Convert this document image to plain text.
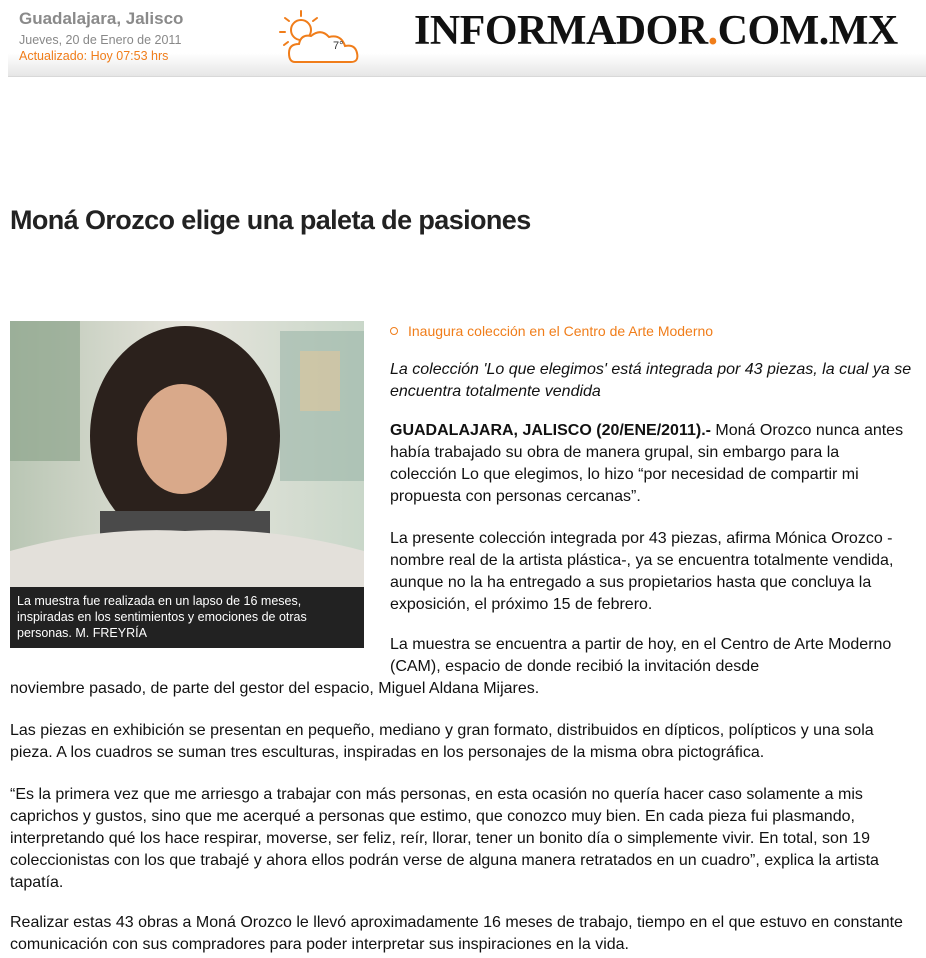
Guadalajara, Jalisco
Jueves, 20 de Enero de 2011
Actualizado: Hoy 07:53 hrs
7° INFORMADOR.COM.MX
Moná Orozco elige una paleta de pasiones
La muestra fue realizada en un lapso de 16 meses, inspiradas en los sentimientos y emociones de otras personas. M. FREYRÍA
Inaugura colección en el Centro de Arte Moderno
La colección 'Lo que elegimos' está integrada por 43 piezas, la cual ya se encuentra totalmente vendida

GUADALAJARA, JALISCO (20/ENE/2011).- Moná Orozco nunca antes había trabajado su obra de manera grupal, sin embargo para la colección Lo que elegimos, lo hizo “por necesidad de compartir mi propuesta con personas cercanas”.

La presente colección integrada por 43 piezas, afirma Mónica Orozco -nombre real de la artista plástica-, ya se encuentra totalmente vendida, aunque no la ha entregado a sus propietarios hasta que concluya la exposición, el próximo 15 de febrero.

La muestra se encuentra a partir de hoy, en el Centro de Arte Moderno (CAM), espacio de donde recibió la invitación desde

noviembre pasado, de parte del gestor del espacio, Miguel Aldana Mijares.

Las piezas en exhibición se presentan en pequeño, mediano y gran formato, distribuidos en dípticos, polípticos y una sola pieza. A los cuadros se suman tres esculturas, inspiradas en los personajes de la misma obra pictográfica.

“Es la primera vez que me arriesgo a trabajar con más personas, en esta ocasión no quería hacer caso solamente a mis caprichos y gustos, sino que me acerqué a personas que estimo, que conozco muy bien. En cada pieza fui plasmando, interpretando qué los hace respirar, moverse, ser feliz, reír, llorar, tener un bonito día o simplemente vivir. En total, son 19 coleccionistas con los que trabajé y ahora ellos podrán verse de alguna manera retratados en un cuadro”, explica la artista tapatía.

Realizar estas 43 obras a Moná Orozco le llevó aproximadamente 16 meses de trabajo, tiempo en el que estuvo en constante comunicación con sus compradores para poder interpretar sus inspiraciones en la vida.
